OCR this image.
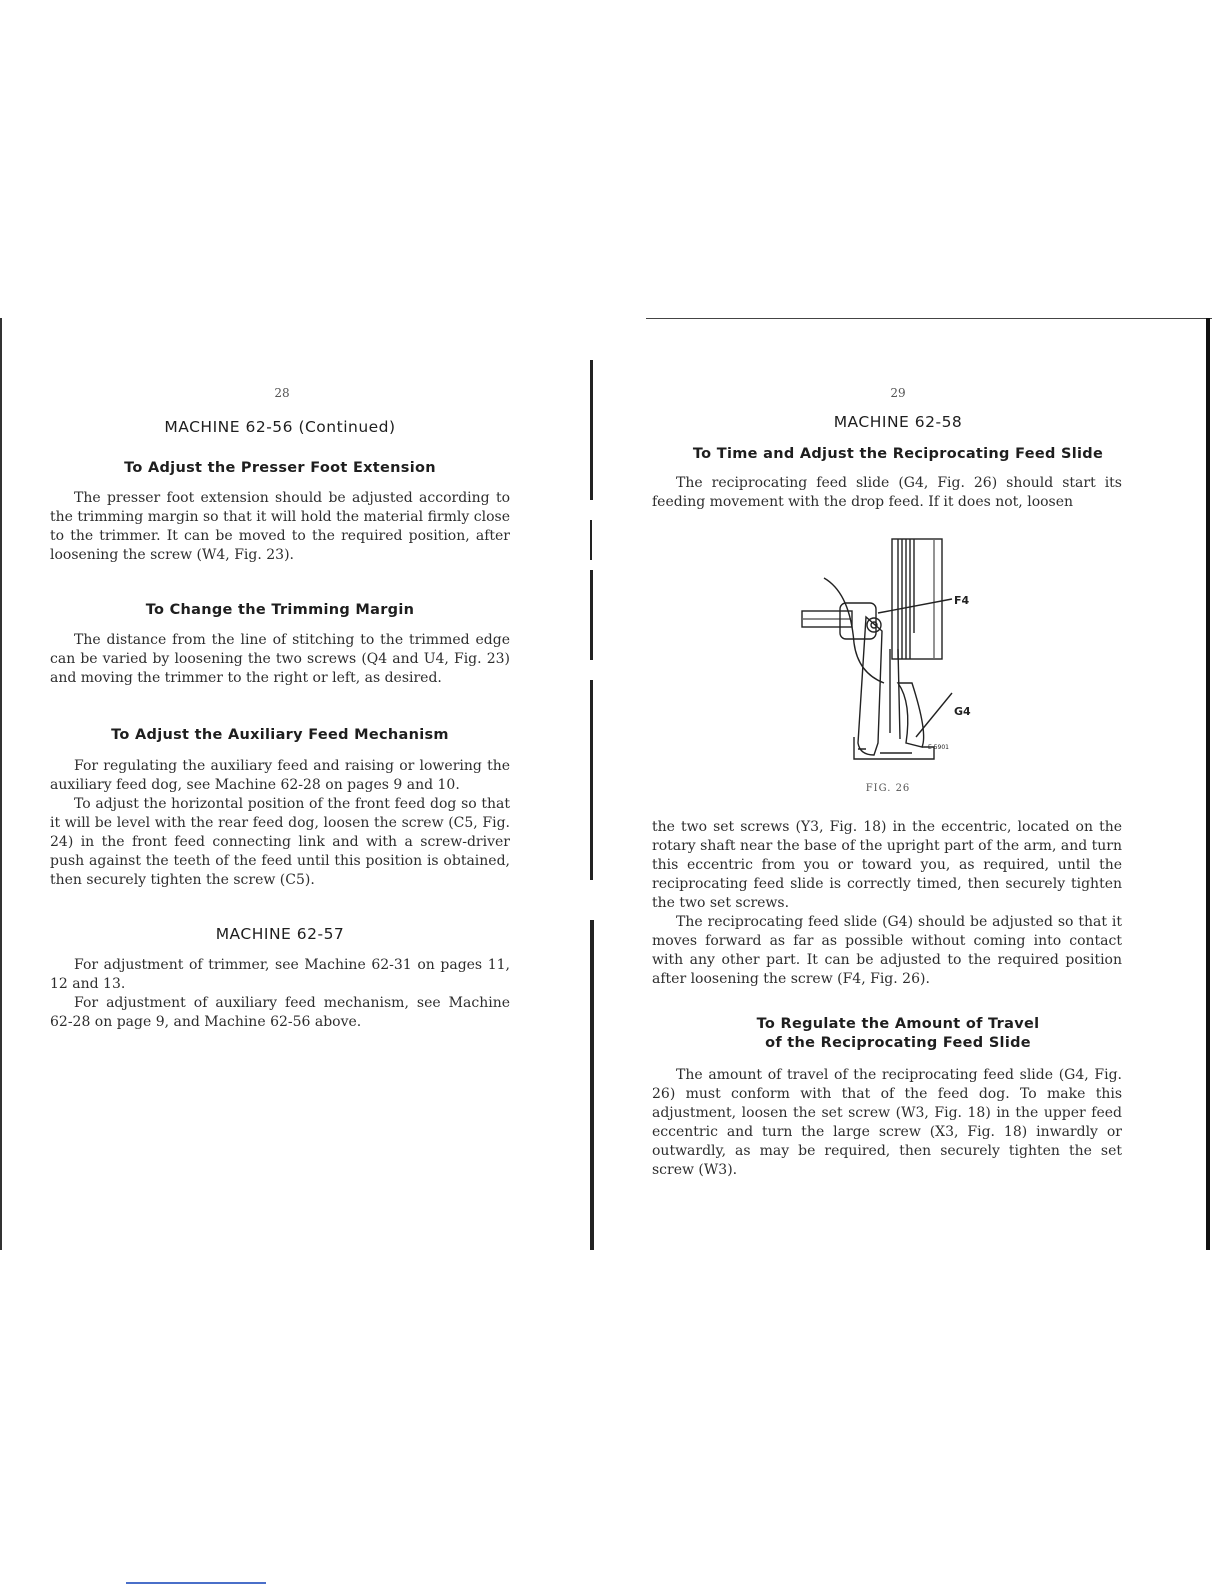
28
MACHINE 62-56 (Continued)
To Adjust the Presser Foot Extension

The presser foot extension should be adjusted according to the trimming margin so that it will hold the material firmly close to the trimmer. It can be moved to the required position, after loosening the screw (W4, Fig. 23).

To Change the Trimming Margin

The distance from the line of stitching to the trimmed edge can be varied by loosening the two screws (Q4 and U4, Fig. 23) and moving the trimmer to the right or left, as desired.

To Adjust the Auxiliary Feed Mechanism

For regulating the auxiliary feed and raising or lowering the auxiliary feed dog, see Machine 62-28 on pages 9 and 10.

To adjust the horizontal position of the front feed dog so that it will be level with the rear feed dog, loosen the screw (C5, Fig. 24) in the front feed connecting link and with a screw-driver push against the teeth of the feed until this position is obtained, then securely tighten the screw (C5).

MACHINE 62-57

For adjustment of trimmer, see Machine 62-31 on pages 11, 12 and 13.

For adjustment of auxiliary feed mechanism, see Machine 62-28 on page 9, and Machine 62-56 above.

29
MACHINE 62-58
To Time and Adjust the Reciprocating Feed Slide

The reciprocating feed slide (G4, Fig. 26) should start its feeding movement with the drop feed. If it does not, loosen

F4
G4
E 5901
FIG. 26

the two set screws (Y3, Fig. 18) in the eccentric, located on the rotary shaft near the base of the upright part of the arm, and turn this eccentric from you or toward you, as required, until the reciprocating feed slide is correctly timed, then securely tighten the two set screws.

The reciprocating feed slide (G4) should be adjusted so that it moves forward as far as possible without coming into contact with any other part. It can be adjusted to the required position after loosening the screw (F4, Fig. 26).

To Regulate the Amount of Travel
of the Reciprocating Feed Slide

The amount of travel of the reciprocating feed slide (G4, Fig. 26) must conform with that of the feed dog. To make this adjustment, loosen the set screw (W3, Fig. 18) in the upper feed eccentric and turn the large screw (X3, Fig. 18) inwardly or outwardly, as may be required, then securely tighten the set screw (W3).
